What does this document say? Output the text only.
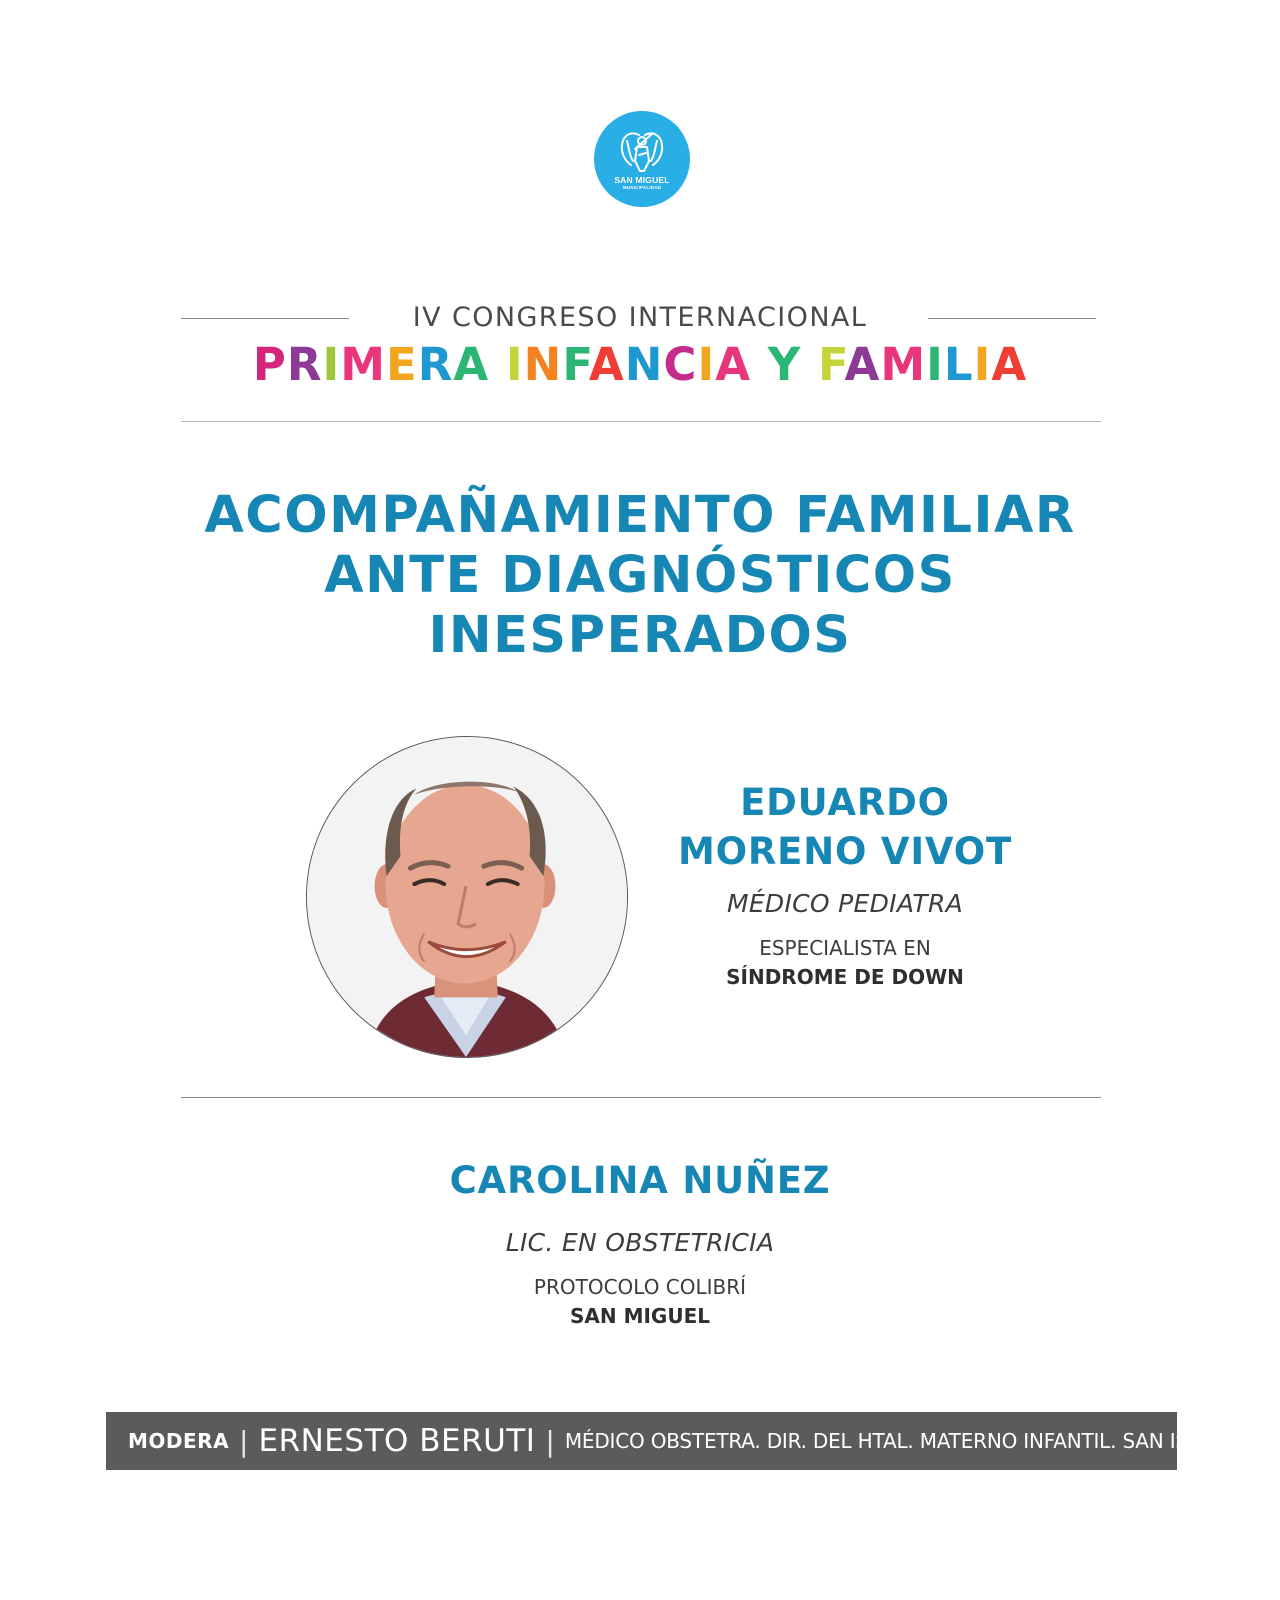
SAN MIGUEL
MUNICIPALIDAD
IV CONGRESO INTERNACIONAL
PRIMERA INFANCIA Y FAMILIA
ACOMPAÑAMIENTO FAMILIAR
ANTE DIAGNÓSTICOS
INESPERADOS
EDUARDO
MORENO VIVOT
MÉDICO PEDIATRA
ESPECIALISTA EN
SÍNDROME DE DOWN
CAROLINA NUÑEZ
LIC. EN OBSTETRICIA
PROTOCOLO COLIBRÍ
SAN MIGUEL
MODERA | ERNESTO BERUTI | MÉDICO OBSTETRA. DIR. DEL HTAL. MATERNO INFANTIL. SAN ISIDRO
